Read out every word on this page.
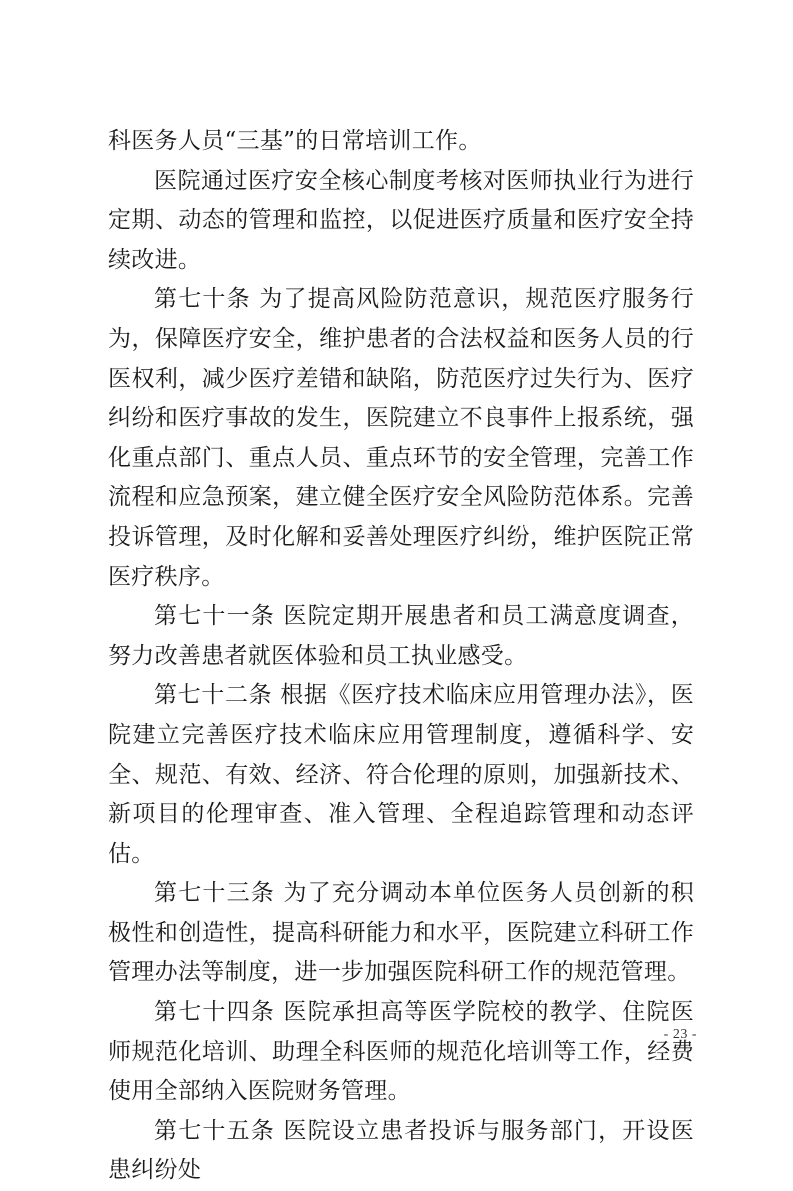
科医务人员“三基”的日常培训工作。

医院通过医疗安全核心制度考核对医师执业行为进行定期、动态的管理和监控，以促进医疗质量和医疗安全持续改进。

第七十条 为了提高风险防范意识，规范医疗服务行为，保障医疗安全，维护患者的合法权益和医务人员的行医权利，减少医疗差错和缺陷，防范医疗过失行为、医疗纠纷和医疗事故的发生，医院建立不良事件上报系统，强化重点部门、重点人员、重点环节的安全管理，完善工作流程和应急预案，建立健全医疗安全风险防范体系。完善投诉管理，及时化解和妥善处理医疗纠纷，维护医院正常医疗秩序。

第七十一条 医院定期开展患者和员工满意度调查，努力改善患者就医体验和员工执业感受。

第七十二条 根据《医疗技术临床应用管理办法》，医院建立完善医疗技术临床应用管理制度，遵循科学、安全、规范、有效、经济、符合伦理的原则，加强新技术、新项目的伦理审查、准入管理、全程追踪管理和动态评估。

第七十三条 为了充分调动本单位医务人员创新的积极性和创造性，提高科研能力和水平，医院建立科研工作管理办法等制度，进一步加强医院科研工作的规范管理。

第七十四条 医院承担高等医学院校的教学、住院医师规范化培训、助理全科医师的规范化培训等工作，经费使用全部纳入医院财务管理。

第七十五条 医院设立患者投诉与服务部门，开设医患纠纷处

- 23 -
